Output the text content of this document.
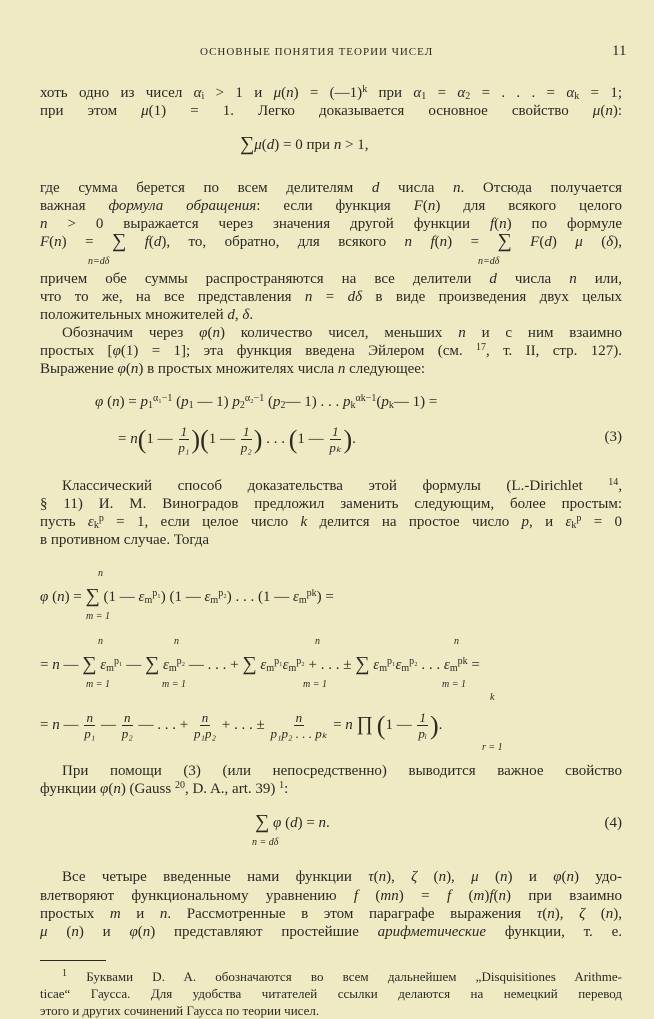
ОСНОВНЫЕ ПОНЯТИЯ ТЕОРИИ ЧИСЕЛ	11
хоть одно из чисел $\alpha_i > 1$ и μ(n) = (—1)$^k$ при $\alpha_1 = \alpha_2$ = . . . = $\alpha_k = 1$;
при этом μ(1) = 1. Легко доказывается основное свойство μ(n):
∑μ(d) = 0 при n > 1,
где сумма берется по всем делителям d числа n. Отсюда получается
важная формула обращения: если функция F(n) для всякого целого
n > 0 выражается через значения другой функции f(n) по формуле
F(n) = ∑ f(d), то, обратно, для всякого n f(n) = ∑ F(d) μ (δ),
n=dδ	n=dδ
причем обе суммы распространяются на все делители d числа n или,
что то же, на все представления n = dδ в виде произведения двух целых
положительных множителей d, δ.
Обозначим через φ(n) количество чисел, меньших n и с ним взаимно
простых [φ(1) = 1]; эта функция введена Эйлером (см. $^{17}$, т. II, стр. 127).
Выражение φ(n) в простых множителях числа n следующее:
φ $(n) = p_1^{\alpha_1-1}$ ($p_1$ — 1) $p_2^{\alpha_2-1}$ ($p_2—$ 1) . . . $p_k^{\alpha k-1}(p_k—$ 1) =
= n(1 — $\frac{1}{\text{p₁}} )(1$ — $\frac{1}{\text{p₂}}$ ) . . . (1 — $\frac{1}{\text{pₖ}}$ ).	(3)
Классический способ доказательства этой формулы (L.-Dirichlet $^{14}$,
§ 11) И. М. Виноградов предложил заменить следующим, более простым:
пусть $\varepsilon_k^p = 1$, если целое число k делится на простое число p, и $\varepsilon_k^p = 0$
в противном случае. Тогда
n
φ (n) = ∑ (1 — $\varepsilon_m^{p_1}$) (1 — $\varepsilon_m^{p_2}$) . . . (1 — $\varepsilon_m^{pk}$) =
m = 1
n	n	n	n
= n — ∑ $\varepsilon_m^{p_1}$ — ∑ $\varepsilon_m^{p_2}$ — . . . + ∑ $\varepsilon_m^{p_1}\varepsilon_m^{p_2}$ + . . . ± ∑ $\varepsilon_m^{p_1}\varepsilon_m^{p_2}$ . . . $\varepsilon_m^{pk}$ =
m = 1	m = 1	m = 1	m = 1
k
= n — $\frac{n}{\text{p₁}}$ — $\frac{n}{\text{p₂}}$ — . . . + $\frac{n}{\text{p₁p₂}}$ + . . . ± $\frac{n}{\text{p₁p₂ . . . pₖ}} = n$ ∏ (1 — $\frac{1}{\text{pᵢ}}$ ).
r = 1
При помощи (3) (или непосредственно) выводится важное свойство
функции φ(n) (Gauss $^{20}$, D. A., art. 39) $^1$:
∑ φ (d) = n.	(4)
n = dδ
Все четыре введенные нами функции τ(n), ζ (n), μ (n) и φ(n) удо-
влетворяют функциональному уравнению f (mn) = f (m)f(n) при взаимно
простых m и n. Рассмотренные в этом параграфе выражения τ(n), ζ (n),
μ (n) и φ(n) представляют простейшие арифметические функции, т. е.
$^1$ Буквами D. A. обозначаются во всем дальнейшем „Disquisitiones Arithme-
ticae“ Гаусса. Для удобства читателей ссылки делаются на немецкий перевод
этого и других сочинений Гаусса по теории чисел.
